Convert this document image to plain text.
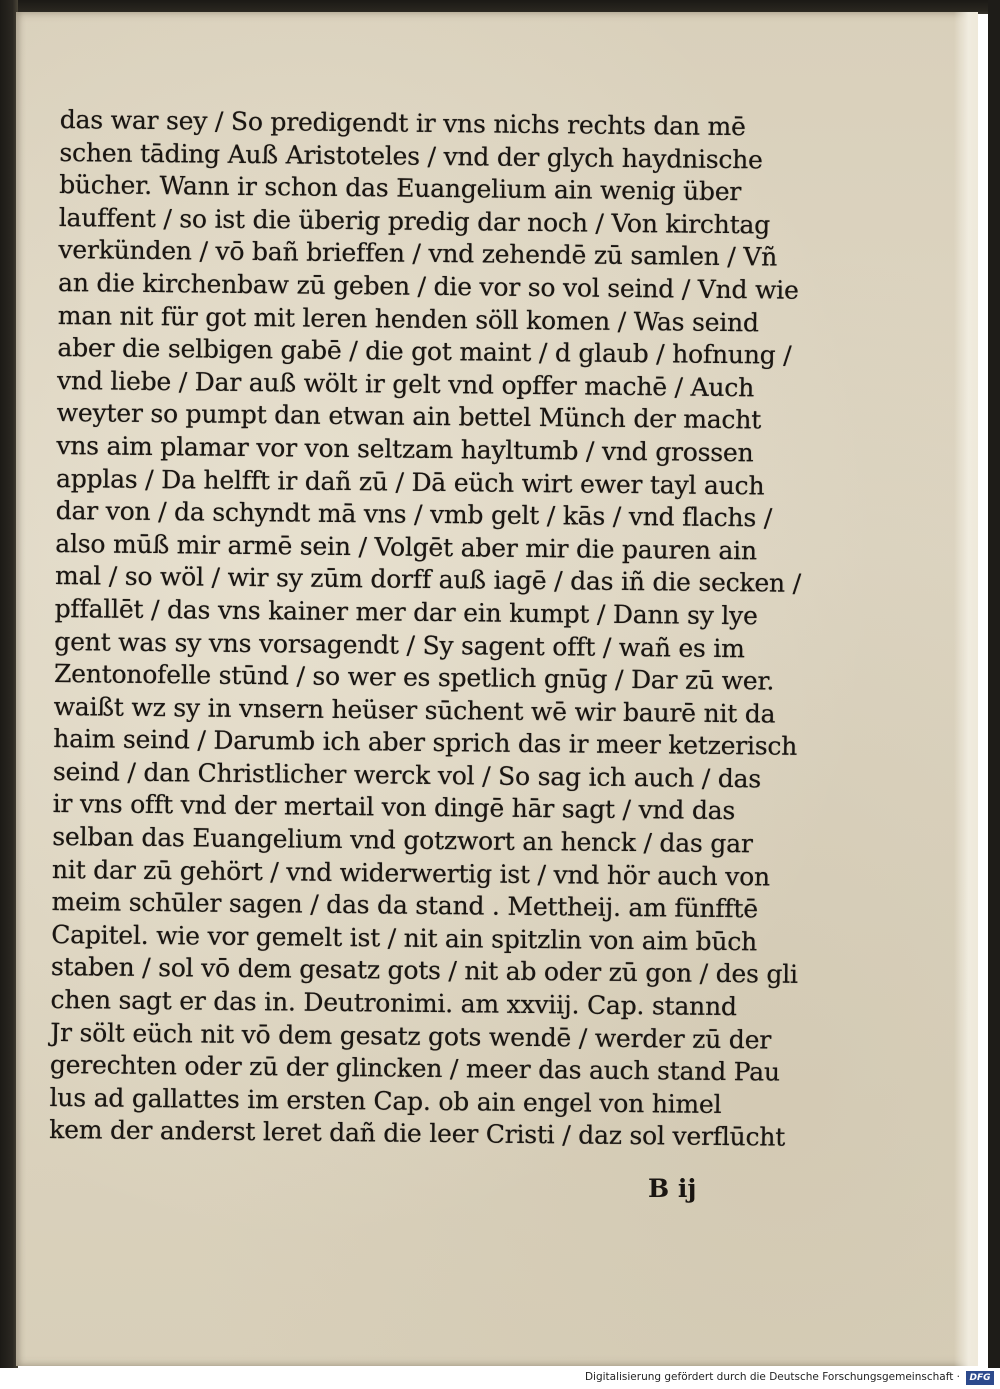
das war sey / So predigendt ir vns nichs rechts dan mē
schen tāding Auß Aristoteles / vnd der glych haydnische
bücher. Wann ir schon das Euangelium ain wenig über
lauffent / so ist die überig predig dar noch / Von kirchtag
verkünden / vō bañ brieffen / vnd zehendē zū samlen / Vñ
an die kirchenbaw zū geben / die vor so vol seind / Vnd wie
man nit für got mit leren henden söll komen / Was seind
aber die selbigen gabē / die got maint / d glaub / hofnung /
vnd liebe / Dar auß wölt ir gelt vnd opffer machē / Auch
weyter so pumpt dan etwan ain bettel Münch der macht
vns aim plamar vor von seltzam hayltumb / vnd grossen
applas / Da helfft ir dañ zū / Dā eüch wirt ewer tayl auch
dar von / da schyndt mā vns / vmb gelt / kās / vnd flachs /
also mūß mir armē sein / Volgēt aber mir die pauren ain
mal / so wöl / wir sy zūm dorff auß iagē / das iñ die secken /
pffallēt / das vns kainer mer dar ein kumpt / Dann sy lye
gent was sy vns vorsagendt / Sy sagent offt / wañ es im
Zentonofelle stūnd / so wer es spetlich gnūg / Dar zū wer.
waißt wz sy in vnsern heüser sūchent wē wir baurē nit da
haim seind / Darumb ich aber sprich das ir meer ketzerisch
seind / dan Christlicher werck vol / So sag ich auch / das
ir vns offt vnd der mertail von dingē hār sagt / vnd das
selban das Euangelium vnd gotzwort an henck / das gar
nit dar zū gehört / vnd widerwertig ist / vnd hör auch von
meim schūler sagen / das da stand . Mettheij. am fünfftē
Capitel. wie vor gemelt ist / nit ain spitzlin von aim būch
staben / sol vō dem gesatz gots / nit ab oder zū gon / des gli
chen sagt er das in. Deutronimi. am xxviij. Cap. stannd
Jr sölt eüch nit vō dem gesatz gots wendē / werder zū der
gerechten oder zū der glincken / meer das auch stand Pau
lus ad gallattes im ersten Cap. ob ain engel von himel
kem der anderst leret dañ die leer Cristi / daz sol verflūcht
B ij
Digitalisierung gefördert durch die Deutsche Forschungsgemeinschaft ·	DFG
